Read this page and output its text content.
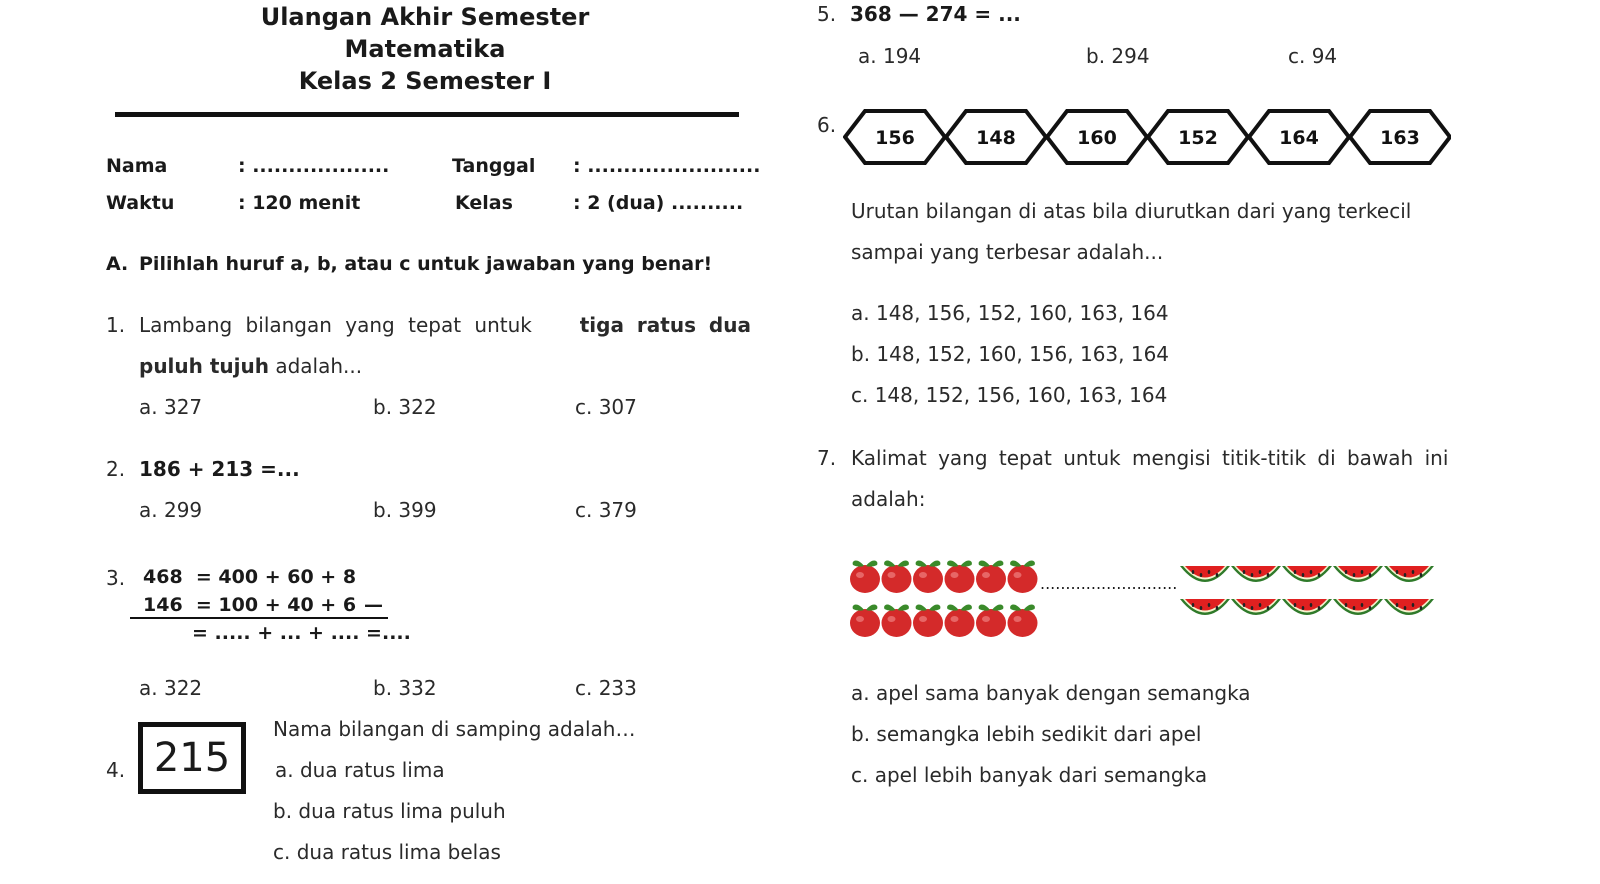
Ulangan Akhir Semester
Matematika
Kelas 2 Semester I
Nama	: ...................	Tanggal : ........................
Waktu	: 120 menit	Kelas	: 2 (dua) ..........
A. Pilihlah huruf a, b, atau c untuk jawaban yang benar!
1. Lambang bilangan yang tepat untuk tiga ratus dua
puluh tujuh adalah...
a. 327	b. 322	c. 307
2. 186 + 213 =...
a. 299	b. 399	c. 379
3. 468  = 400 + 60 + 8
146  = 100 + 40 + 6 —
= ..... + ... + .... =....
a. 322	b. 332	c. 233
4. 215
Nama bilangan di samping adalah…
a. dua ratus lima
b. dua ratus lima puluh
c. dua ratus lima belas
5. 368 — 274 = ...
a. 194	b. 294	c. 94
6.
156	148	160	152	164	163
Urutan bilangan di atas bila diurutkan dari yang terkecil
sampai yang terbesar adalah...
a. 148, 156, 152, 160, 163, 164
b. 148, 152, 160, 156, 163, 164
c. 148, 152, 156, 160, 163, 164
7. Kalimat yang tepat untuk mengisi titik-titik di bawah ini
adalah:
...........................
a. apel sama banyak dengan semangka
b. semangka lebih sedikit dari apel
c. apel lebih banyak dari semangka
